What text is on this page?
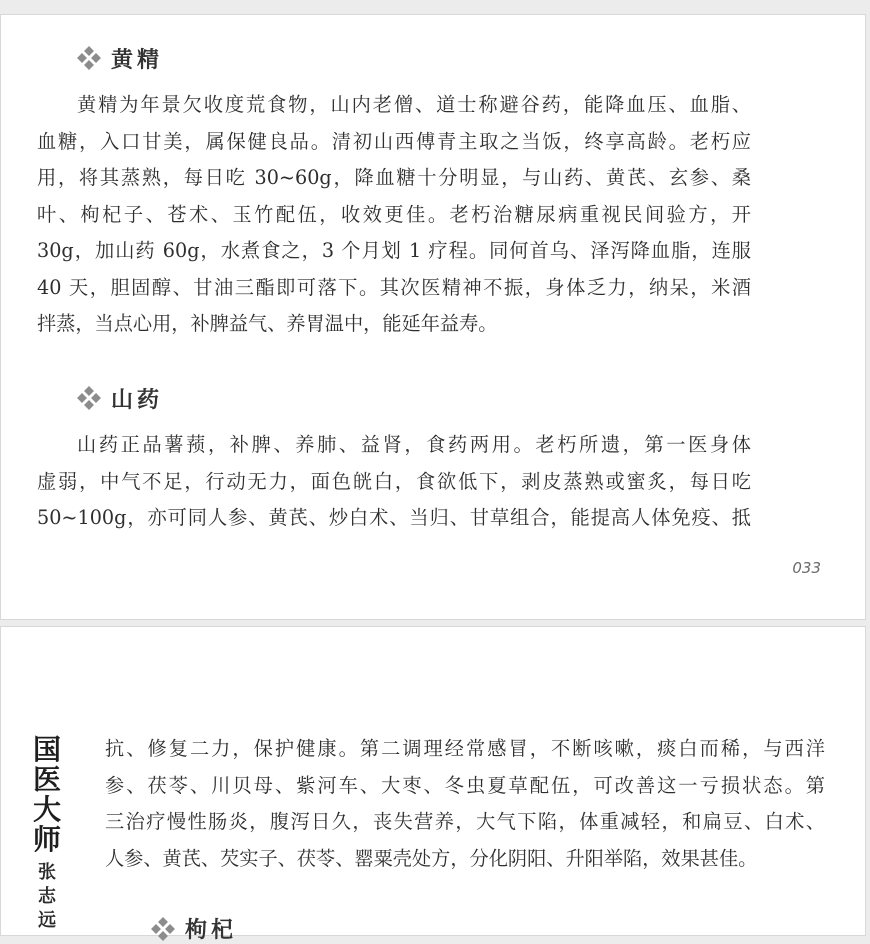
黄精
黄精为年景欠收度荒食物，山内老僧、道士称避谷药，能降血压、血脂、
血糖，入口甘美，属保健良品。清初山西傅青主取之当饭，终享高龄。老朽应
用，将其蒸熟，每日吃 30~60g，降血糖十分明显，与山药、黄芪、玄参、桑
叶、枸杞子、苍术、玉竹配伍，收效更佳。老朽治糖尿病重视民间验方，开
30g，加山药 60g，水煮食之，3 个月划 1 疗程。同何首乌、泽泻降血脂，连服
40 天，胆固醇、甘油三酯即可落下。其次医精神不振，身体乏力，纳呆，米酒
拌蒸，当点心用，补脾益气、养胃温中，能延年益寿。
山药
山药正品薯蓣，补脾、养肺、益肾，食药两用。老朽所遗，第一医身体
虚弱，中气不足，行动无力，面色㿠白，食欲低下，剥皮蒸熟或蜜炙，每日吃
50~100g，亦可同人参、黄芪、炒白术、当归、甘草组合，能提高人体免疫、抵
033
国
医
大
师
张
志
远
抗、修复二力，保护健康。第二调理经常感冒，不断咳嗽，痰白而稀，与西洋
参、茯苓、川贝母、紫河车、大枣、冬虫夏草配伍，可改善这一亏损状态。第
三治疗慢性肠炎，腹泻日久，丧失营养，大气下陷，体重减轻，和扁豆、白术、
人参、黄芪、芡实子、茯苓、罂粟壳处方，分化阴阳、升阳举陷，效果甚佳。
枸杞
